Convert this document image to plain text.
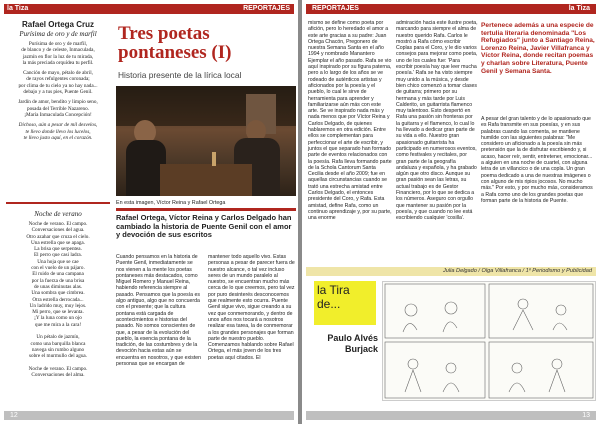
la Tiza	REPORTAJES
Rafael Ortega Cruz
Purísima de oro y de marfil
Purísima de oro y de marfil,
de blanco y de celeste, Inmaculada,
jazmín en flor la luz de tu mirada,
la más preciada orquídea tu perfil.
Canción de mayo, pétalo de abril,
de rayos refulgentes coronada;
por clima de tu cielo ya no hay nada...
debajo y a tus pies, Puente Genil.
Jardín de amor, bendito y limpio seno,
posada del Terrible Nazareno.
¡María Inmaculada Concepción!
Dichoso, aún a pesar de mil desvelos,
te llevo donde llevo los lucelos,
te llevo justo aquí, en el corazón.
Noche de verano
Noche de verano. El campo.
Conversaciones del agua.
Otro azahar que cruza el cielo.
Una estrella que se apaga.
La brisa que serpentea.
El perro que casi ladra.
Una hoja que se cae
con el vuelo de un pájaro.
El ruido de una campana
por la fuerza de una brisa
de unas diminutas alas.
Una sombra que cimbrea.
Otra estrella derrocada...
Un ladrido muy, muy lejos.
Mi perro, que se levanta.
¡Y la luna como un ojo
que me mira a la cara!

Un pétalo de jazmín,
como una barquilla blanca
navega sin rumbo alguno
sobre el murmullo del agua.

Noche de verano. El campo.
Conversaciones del alma.
Tres poetas pontaneses (I)
Historia presente de la lírica local
En esta imagen, Víctor Reina y Rafael Ortega
Rafael Ortega, Víctor Reina y Carlos Delgado han cambiado la historia de Puente Genil con el amor y devoción de sus escritos
Cuando pensamos en la historia de Puente Genil, inmediatamente se nos vienen a la mente los poetas pontaneses más destacados, como Miguel Romero y Manuel Reina, habiendo referencia siempre al pasado. Pensamos que la poesía es algo antiguo, algo que no concuerda con el presente; que la cultura pontana está cargada de acontecimientos e historias del pasado. No somos conscientes de que, a pesar de la evolución del pueblo, la esencia pontana de la tradición, de las costumbres y de la devoción hacia estas aún se encuentra en nosotros, y que existen personas que se encargan de
mantener todo aquello vivo. Estas personas a pesar de parecer fuera de nuestro alcance, o tal vez incluso seres de un mundo paralelo al nuestro, se encuentran mucho más cerca de lo que creemos, pero tal vez por puro desinterés desconocemos que realmente esto ocurra. Puente Genil sigue vivo, sigue creando a su vez que conmemorando, y dentro de unos años nos tocará a nosotros realizar esa tarea, la de conmemorar a los grandes personajes que forman parte de nuestro pueblo. Comenzamos hablando sobre Rafael Ortega, el más joven de los tres poetas aquí citados. El
12
REPORTAJES	la Tiza
mismo se define como poeta por afición, pero lo heredado el amor a este arte gracias a su padre: Juan Ortega Chacón, Pregonero de nuestra Semana Santa en el año 1994 y nombrado Manantero Ejemplar el año pasado. Rafa se vio aquí inspirado por su figura paterna, pero a lo largo de los años se ve rodeado de auténticos artistas y aficionados por la poesía y el pueblo, lo cual le sirve de herramienta para aprender y familiarizarse aún más con este arte. Se ve inspirado nada más y nada menos que por Víctor Reina y Carlos Delgado, de quienes hablaremos en otra edición. Entre ellos se complementan para perfeccionar el arte de escribir, y juntos el que separado han formado parte de eventos relacionados con la poesía. Rafa lleva formando parte de la Schola Cantorum Santa Cecilia desde el año 2009; fue en aquellas circunstancias cuando se trató una estrecha amistad entre Carlos Delgado, el entonces presidente del Coro, y Rafa. Esta amistad, define Rafa, como un continuo aprendizaje y, por su parte, una enorme
admiración hacia este ilustre poeta, marcando para siempre el alma de nuestro querido Rafa. Carlos le mostró a Rafa cómo escribir Coplas para el Coro, y le dio varios consejos para mejorar como poeta, uno de los cuales fue: 'Para escribir poesía hay que leer mucha poesía.' Rafa se ha visto siempre muy unido a la música, y desde bien chico comenzó a tomar clases de guitarra; primero por su hermana y más tarde por Luis Calderito, un guitarrista flamenco muy talentoso. Esto despertó en Rafa una pasión sin fronteras por la guitarra y el flamenco, lo cual lo ha llevado a dedicar gran parte de su vida a ello. Nuestro gran apasionado guitarrista ha participado en numerosos eventos, como festivales y recitales, por gran parte de la geografía andaluza y española, y ha grabado algún que otro disco. Aunque su gran pasión sean las letras, su actual trabajo es de Gestor Financiero, por lo que se dedica a los números. Aseguro con orgullo que mantener su pasión por la poesía, y que cuando no lee está escribiendo cualquier 'cosilla'.
Pertenece además a una especie de tertulia literaria denominada "Los Refugiados" junto a Santiago Reina, Lorenzo Reina, Javier Villafranca y Víctor Reina, donde recitan poemas y charlan sobre Literatura, Puente Genil y Semana Santa.
A pesar del gran talento y de lo apasionado que es Rafa transmite en sus poesías, y en sus palabras cuando las comenta, se mantiene humilde con las siguientes palabras: "Me considero un aficionado a la poesía sin más pretensión que la de disfrutar escribiendo y, si acaso, hacer reír, sentir, entretener, emocionar... a alguien en una noche de cuartel, con alguna letra de un villancico o de una copla. Un gran poema dedicado a una de nuestras imágenes o con alguno de mis ripios jocosos. No mucho más." Por esto, y por mucho más, consideramos a Rafa como uno de los grandes poetas que forman parte de la historia de Puente.
Julia Delgado / Olga Villafranca / 1º Periodismo y Publicidad
la Tira de...
Paulo Alvés Burjack
13
